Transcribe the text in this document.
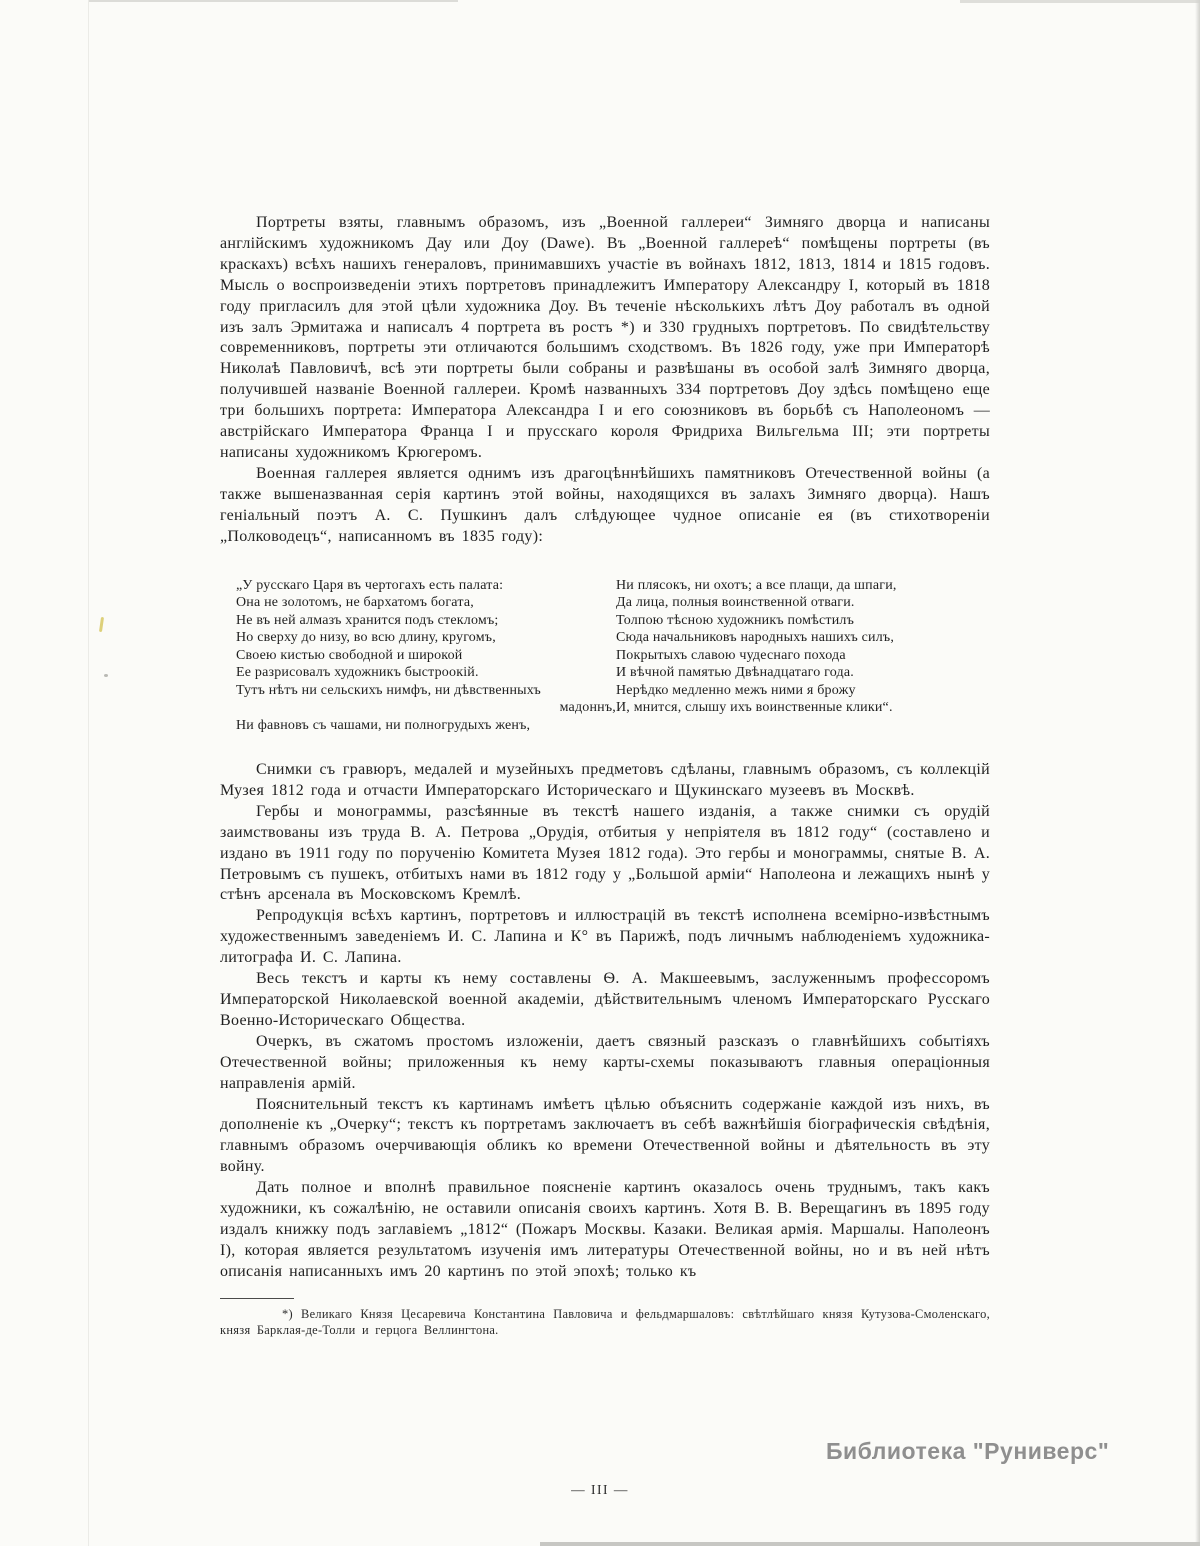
Портреты взяты, главнымъ образомъ, изъ „Военной галлереи“ Зимняго дворца и написаны англійскимъ художникомъ Дау или Доу (Dawe). Въ „Военной галлереѣ“ помѣщены портреты (въ краскахъ) всѣхъ нашихъ генераловъ, принимавшихъ участіе въ войнахъ 1812, 1813, 1814 и 1815 годовъ. Мысль о воспроизведеніи этихъ портретовъ принадлежитъ Императору Александру I, который въ 1818 году пригласилъ для этой цѣли художника Доу. Въ теченіе нѣсколькихъ лѣтъ Доу работалъ въ одной изъ залъ Эрмитажа и написалъ 4 портрета въ ростъ *) и 330 грудныхъ портретовъ. По свидѣтельству современниковъ, портреты эти отличаются большимъ сходствомъ. Въ 1826 году, уже при Императорѣ Николаѣ Павловичѣ, всѣ эти портреты были собраны и развѣшаны въ особой залѣ Зимняго дворца, получившей названіе Военной галлереи. Кромѣ названныхъ 334 портретовъ Доу здѣсь помѣщено еще три большихъ портрета: Императора Александра I и его союзниковъ въ борьбѣ съ Наполеономъ — австрійскаго Императора Франца I и прусскаго короля Фридриха Вильгельма III; эти портреты написаны художникомъ Крюгеромъ.

Военная галлерея является однимъ изъ драгоцѣннѣйшихъ памятниковъ Отечественной войны (а также вышеназванная серія картинъ этой войны, находящихся въ залахъ Зимняго дворца). Нашъ геніальный поэтъ А. С. Пушкинъ далъ слѣдующее чудное описаніе ея (въ стихотвореніи „Полководецъ“, написанномъ въ 1835 году):

„У русскаго Царя въ чертогахъ есть палата:
Она не золотомъ, не бархатомъ богата,
Не въ ней алмазъ хранится подъ стекломъ;
Но сверху до низу, во всю длину, кругомъ,
Своею кистью свободной и широкой
Ее разрисовалъ художникъ быстроокій.
Тутъ нѣтъ ни сельскихъ нимфъ, ни дѣвственныхъ
мадоннъ,
Ни фавновъ съ чашами, ни полногрудыхъ женъ,
Ни плясокъ, ни охотъ; а все плащи, да шпаги,
Да лица, полныя воинственной отваги.
Толпою тѣсною художникъ помѣстилъ
Сюда начальниковъ народныхъ нашихъ силъ,
Покрытыхъ славою чудеснаго похода
И вѣчной памятью Двѣнадцатаго года.
Нерѣдко медленно межъ ними я брожу
И, мнится, слышу ихъ воинственные клики“.

Снимки съ гравюръ, медалей и музейныхъ предметовъ сдѣланы, главнымъ образомъ, съ коллекцій Музея 1812 года и отчасти Императорскаго Историческаго и Щукинскаго музеевъ въ Москвѣ.

Гербы и монограммы, разсѣянные въ текстѣ нашего изданія, а также снимки съ орудій заимствованы изъ труда В. А. Петрова „Орудія, отбитыя у непріятеля въ 1812 году“ (составлено и издано въ 1911 году по порученію Комитета Музея 1812 года). Это гербы и монограммы, снятые В. А. Петровымъ съ пушекъ, отбитыхъ нами въ 1812 году у „Большой арміи“ Наполеона и лежащихъ нынѣ у стѣнъ арсенала въ Московскомъ Кремлѣ.

Репродукція всѣхъ картинъ, портретовъ и иллюстрацій въ текстѣ исполнена всемірно-извѣстнымъ художественнымъ заведеніемъ И. С. Лапина и К° въ Парижѣ, подъ личнымъ наблюденіемъ художника-литографа И. С. Лапина.

Весь текстъ и карты къ нему составлены Ѳ. А. Макшеевымъ, заслуженнымъ профессоромъ Императорской Николаевской военной академіи, дѣйствительнымъ членомъ Императорскаго Русскаго Военно-Историческаго Общества.

Очеркъ, въ сжатомъ простомъ изложеніи, даетъ связный разсказъ о главнѣйшихъ событіяхъ Отечественной войны; приложенныя къ нему карты-схемы показываютъ главныя операціонныя направленія армій.

Пояснительный текстъ къ картинамъ имѣетъ цѣлью объяснить содержаніе каждой изъ нихъ, въ дополненіе къ „Очерку“; текстъ къ портретамъ заключаетъ въ себѣ важнѣйшія біографическія свѣдѣнія, главнымъ образомъ очерчивающія обликъ ко времени Отечественной войны и дѣятельность въ эту войну.

Дать полное и вполнѣ правильное поясненіе картинъ оказалось очень труднымъ, такъ какъ художники, къ сожалѣнію, не оставили описанія своихъ картинъ. Хотя В. В. Верещагинъ въ 1895 году издалъ книжку подъ заглавіемъ „1812“ (Пожаръ Москвы. Казаки. Великая армія. Маршалы. Наполеонъ I), которая является результатомъ изученія имъ литературы Отечественной войны, но и въ ней нѣтъ описанія написанныхъ имъ 20 картинъ по этой эпохѣ; только къ

*) Великаго Князя Цесаревича Константина Павловича и фельдмаршаловъ: свѣтлѣйшаго князя Кутузова-Смоленскаго, князя Барклая-де-Толли и герцога Веллингтона.

Библиотека "Руниверс"
— III —
